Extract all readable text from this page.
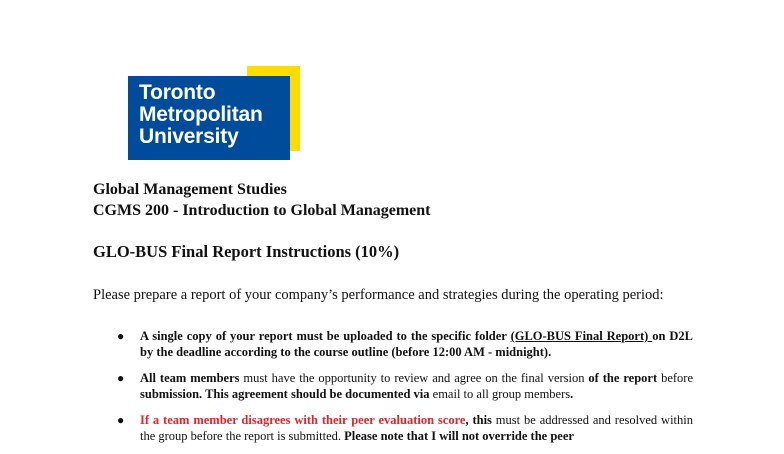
Toronto
Metropolitan
University
Global Management Studies
CGMS 200 - Introduction to Global Management
GLO-BUS Final Report Instructions (10%)
Please prepare a report of your company’s performance and strategies during the operating period:
● A single copy of your report must be uploaded to the specific folder (GLO-BUS Final Report) on D2L by the deadline according to the course outline (before 12:00 AM - midnight).
● All team members must have the opportunity to review and agree on the final version of the report before submission. This agreement should be documented via email to all group members.
● If a team member disagrees with their peer evaluation score, this must be addressed and resolved within the group before the report is submitted. Please note that I will not override the peer
